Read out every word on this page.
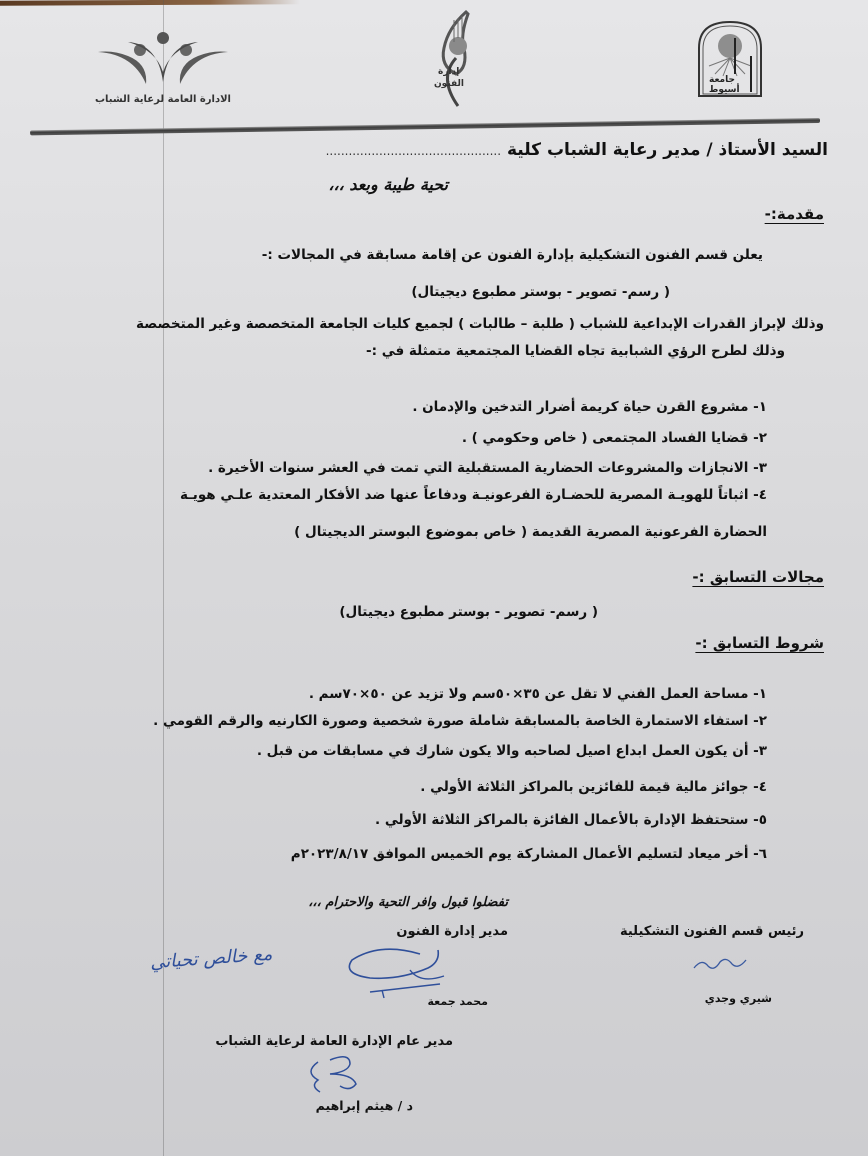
الادارة العامة لرعاية الشباب
إدارة
الفنون	جامعة
أسيوط
السيد الأستاذ / مدير رعاية الشباب كلية ..............................................
تحية طيبة وبعد ،،،
مقدمة:-
يعلن قسم الفنون التشكيلية بإدارة الفنون عن إقامة مسابقة في المجالات :-
( رسم- تصوير - بوستر مطبوع ديجيتال)
وذلك لإبراز القدرات الإبداعية للشباب ( طلبة – طالبات ) لجميع كليات الجامعة المتخصصة وغير المتخصصة
وذلك لطرح الرؤي الشبابية تجاه القضايا المجتمعية متمثلة في :-
١- مشروع القرن حياة كريمة أضرار التدخين والإدمان .
٢- قضايا الفساد المجتمعى ( خاص وحكومي ) .
٣- الانجازات والمشروعات الحضارية المستقبلية التي تمت في العشر سنوات الأخيرة .
٤- اثباتاً للهويـة المصرية للحضـارة الفرعونيـة ودفاعاً عنها ضد الأفكار المعتدية علـي هويـة
الحضارة الفرعونية المصرية القديمة ( خاص بموضوع البوستر الديجيتال )
مجالات التسابق :-
( رسم- تصوير - بوستر مطبوع ديجيتال)
شروط التسابق :-
١- مساحة العمل الفني لا تقل عن ٣٥×٥٠سم ولا تزيد عن ٥٠×٧٠سم .
٢- استفاء الاستمارة الخاصة بالمسابقة شاملة صورة شخصية وصورة الكارنيه والرقم القومي .
٣- أن يكون العمل ابداع اصيل لصاحبه والا يكون شارك في مسابقات من قبل .
٤- جوائز مالية قيمة للفائزين بالمراكز الثلاثة الأولي .
٥- ستحتفظ الإدارة بالأعمال الفائزة بالمراكز الثلاثة الأولي .
٦- أخر ميعاد لتسليم الأعمال المشاركة يوم الخميس الموافق ٢٠٢٣/٨/١٧م
تفضلوا قبول وافر التحية والاحترام ،،،
رئيس قسم الفنون التشكيلية
شيري وجدي
مدير إدارة الفنون
محمد جمعة
مع خالص تحياتي
مدير عام الإدارة العامة لرعاية الشباب
د / هيثم إبراهيم
